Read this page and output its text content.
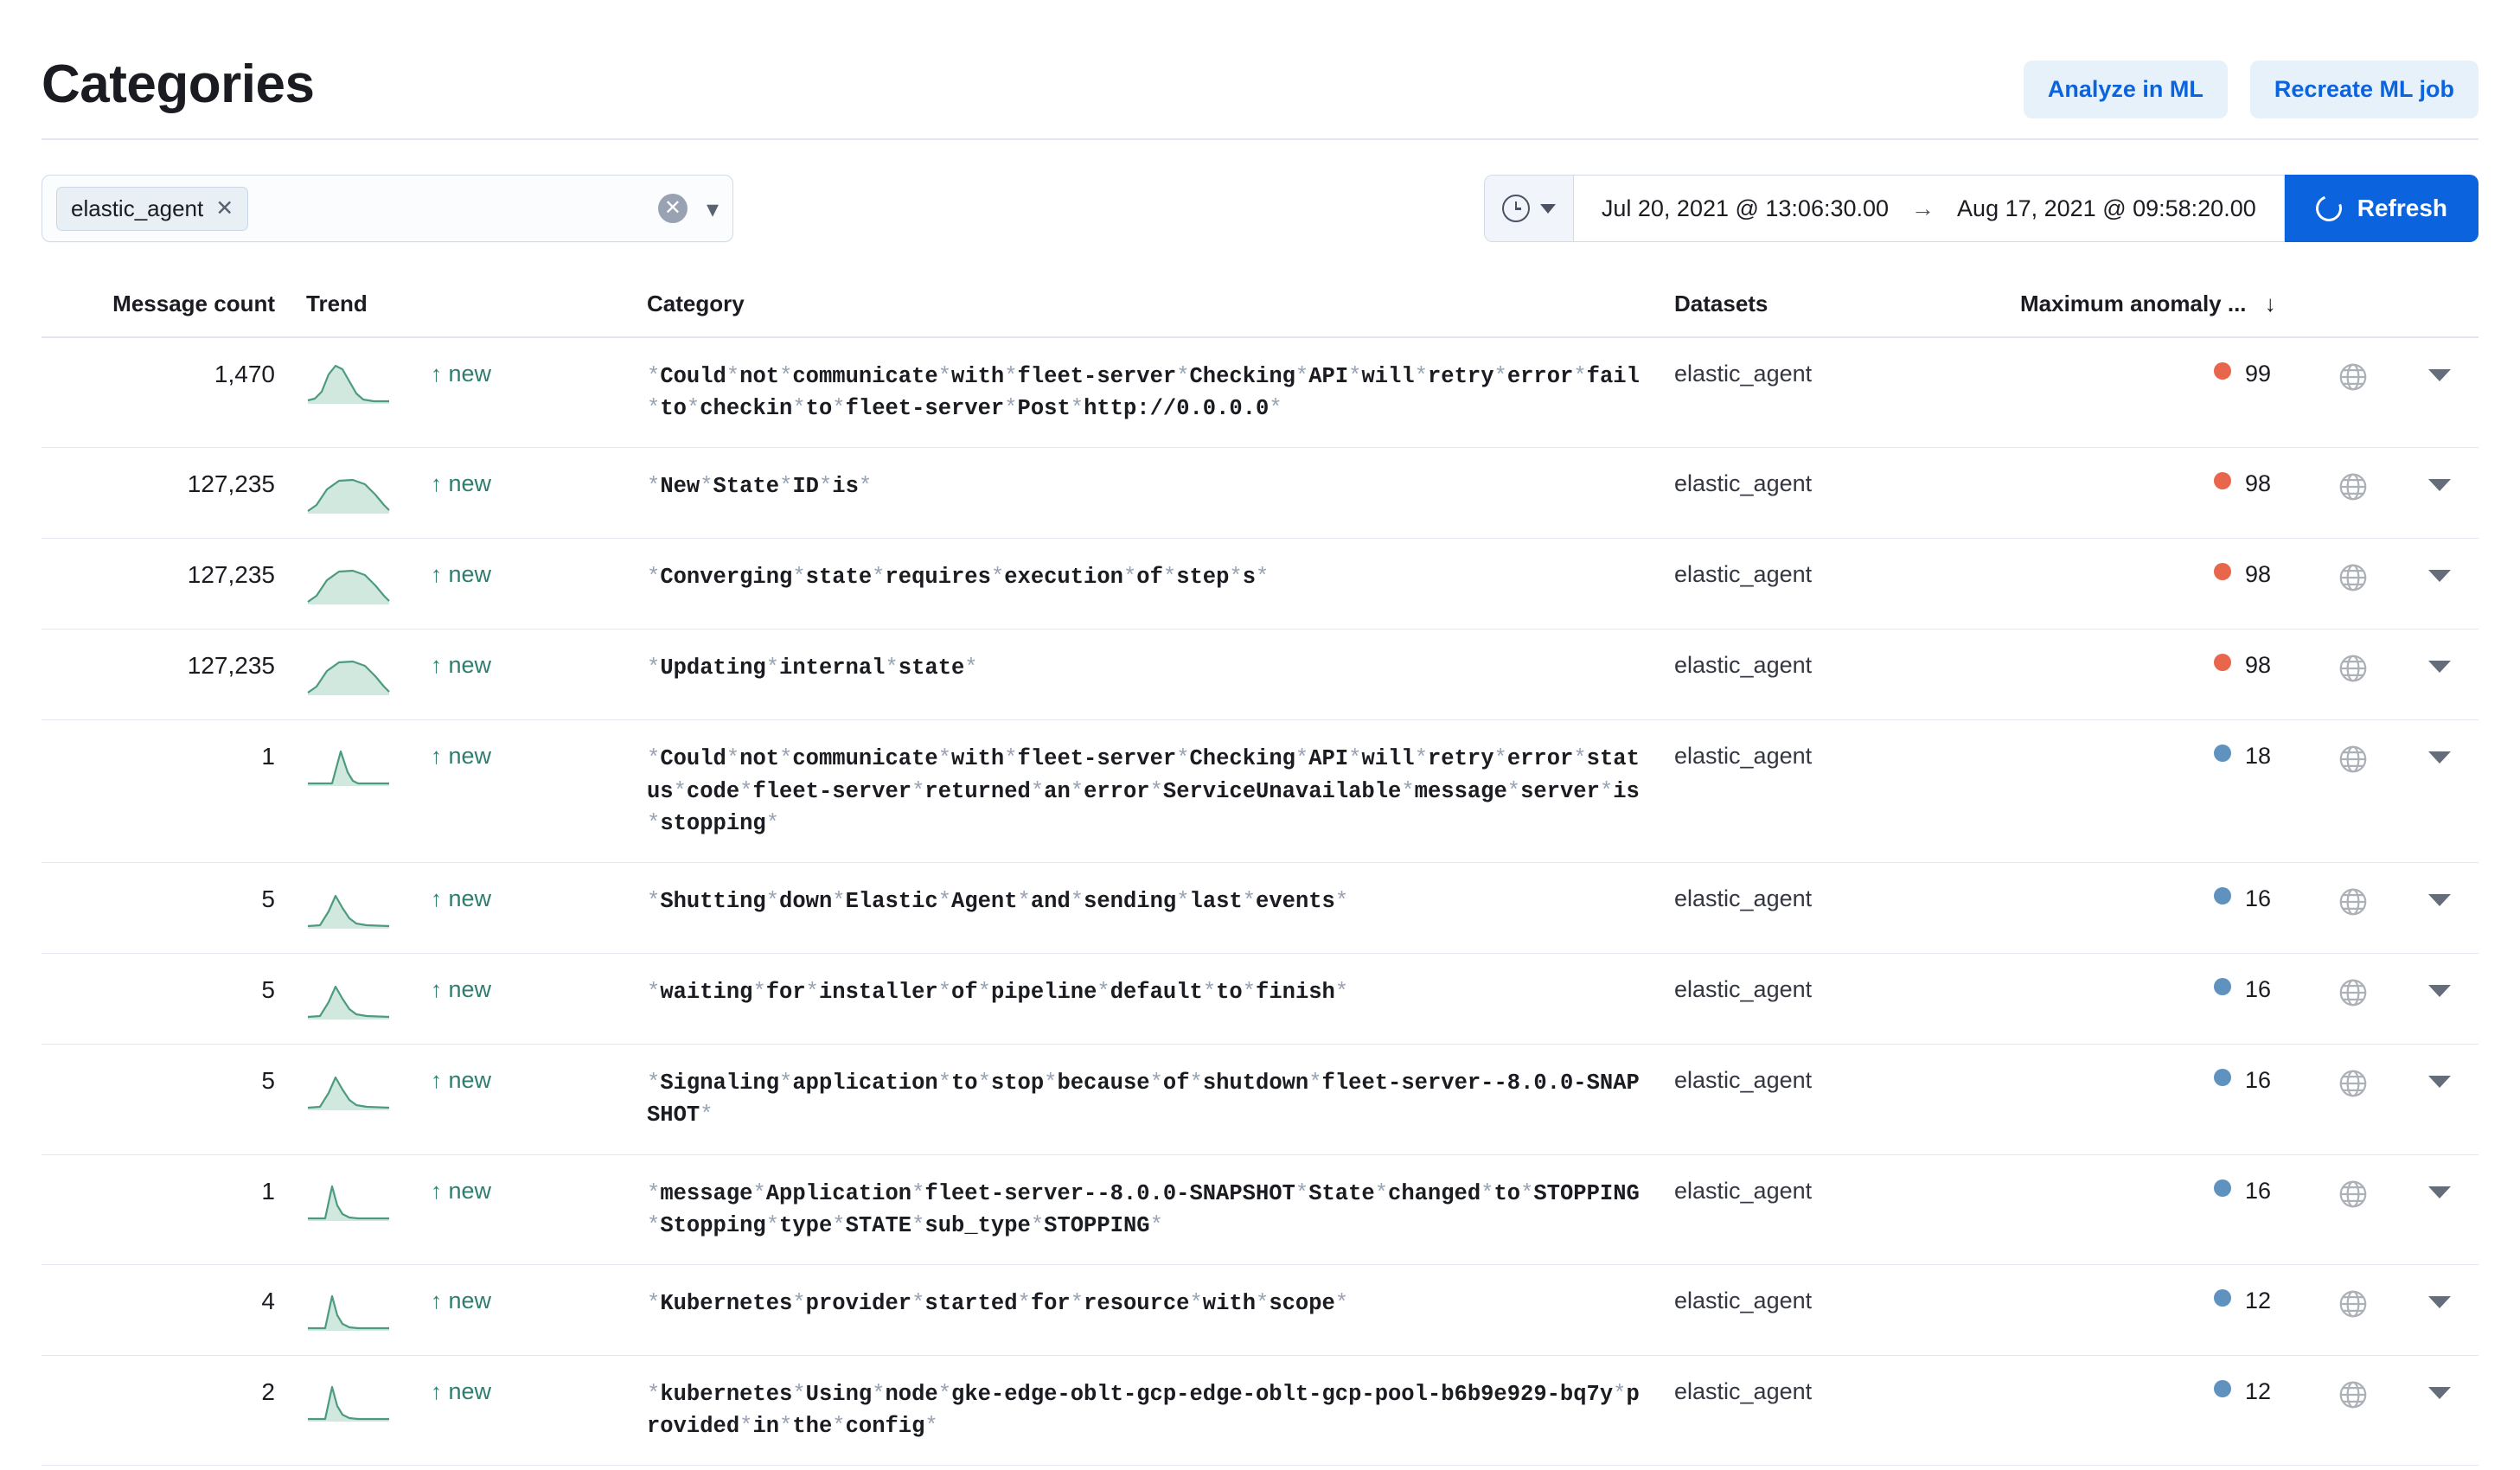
Categories	Analyze in ML	Recreate ML job
elastic_agent ✕	✕ ▾	Jul 20, 2021 @ 13:06:30.00 → Aug 17, 2021 @ 09:58:20.00	Refresh
Message count	Trend		Category	Datasets	Maximum anomaly ... ↓		
1,470		↑ new	*Could*not*communicate*with*fleet-server*Checking*API*will*retry*error*fail*to*checkin*to*fleet-server*Post*http://0.0.0.0*	elastic_agent	99		
127,235		↑ new	*New*State*ID*is*	elastic_agent	98		
127,235		↑ new	*Converging*state*requires*execution*of*step*s*	elastic_agent	98		
127,235		↑ new	*Updating*internal*state*	elastic_agent	98		
1		↑ new	*Could*not*communicate*with*fleet-server*Checking*API*will*retry*error*status*code*fleet-server*returned*an*error*ServiceUnavailable*message*server*is*stopping*	elastic_agent	18		
5		↑ new	*Shutting*down*Elastic*Agent*and*sending*last*events*	elastic_agent	16		
5		↑ new	*waiting*for*installer*of*pipeline*default*to*finish*	elastic_agent	16		
5		↑ new	*Signaling*application*to*stop*because*of*shutdown*fleet-server--8.0.0-SNAPSHOT*	elastic_agent	16		
1		↑ new	*message*Application*fleet-server--8.0.0-SNAPSHOT*State*changed*to*STOPPING*Stopping*type*STATE*sub_type*STOPPING*	elastic_agent	16		
4		↑ new	*Kubernetes*provider*started*for*resource*with*scope*	elastic_agent	12		
2		↑ new	*kubernetes*Using*node*gke-edge-oblt-gcp-edge-oblt-gcp-pool-b6b9e929-bq7y*provided*in*the*config*	elastic_agent	12		
